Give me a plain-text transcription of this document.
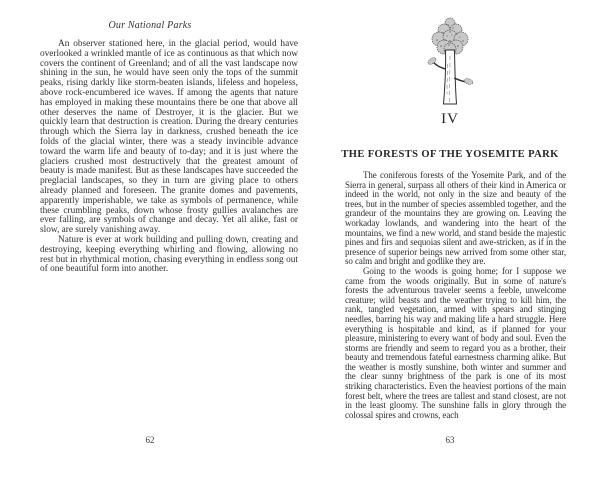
Our National Parks

An observer stationed here, in the glacial period, would have overlooked a wrinkled mantle of ice as continuous as that which now covers the continent of Greenland; and of all the vast landscape now shining in the sun, he would have seen only the tops of the summit peaks, rising darkly like storm-beaten islands, lifeless and hopeless, above rock-encumbered ice waves. If among the agents that nature has employed in making these mountains there be one that above all other deserves the name of Destroyer, it is the glacier. But we quickly learn that destruction is creation. During the dreary centuries through which the Sierra lay in darkness, crushed beneath the ice folds of the glacial winter, there was a steady invincible advance toward the warm life and beauty of to-day; and it is just where the glaciers crushed most destructively that the greatest amount of beauty is made manifest. But as these landscapes have succeeded the preglacial landscapes, so they in turn are giving place to others already planned and foreseen. The granite domes and pavements, apparently imperishable, we take as symbols of permanence, while these crumbling peaks, down whose frosty gullies avalanches are ever falling, are symbols of change and decay. Yet all alike, fast or slow, are surely vanishing away.

Nature is ever at work building and pulling down, creating and destroying, keeping everything whirling and flowing, allowing no rest but in rhythmical motion, chasing everything in endless song out of one beautiful form into another.

62
IV
THE FORESTS OF THE YOSEMITE PARK

The coniferous forests of the Yosemite Park, and of the Sierra in general, surpass all others of their kind in America or indeed in the world, not only in the size and beauty of the trees, but in the number of species assembled together, and the grandeur of the mountains they are growing on. Leaving the workaday lowlands, and wandering into the heart of the mountains, we find a new world, and stand beside the majestic pines and firs and sequoias silent and awe-stricken, as if in the presence of superior beings new arrived from some other star, so calm and bright and godlike they are.

Going to the woods is going home; for I suppose we came from the woods originally. But in some of nature's forests the adventurous traveler seems a feeble, unwelcome creature; wild beasts and the weather trying to kill him, the rank, tangled vegetation, armed with spears and stinging needles, barring his way and making life a hard struggle. Here everything is hospitable and kind, as if planned for your pleasure, ministering to every want of body and soul. Even the storms are friendly and seem to regard you as a brother, their beauty and tremendous fateful earnestness charming alike. But the weather is mostly sunshine, both winter and summer and the clear sunny brightness of the park is one of its most striking characteristics. Even the heaviest portions of the main forest belt, where the trees are tallest and stand closest, are not in the least gloomy. The sunshine falls in glory through the colossal spires and crowns, each

63
